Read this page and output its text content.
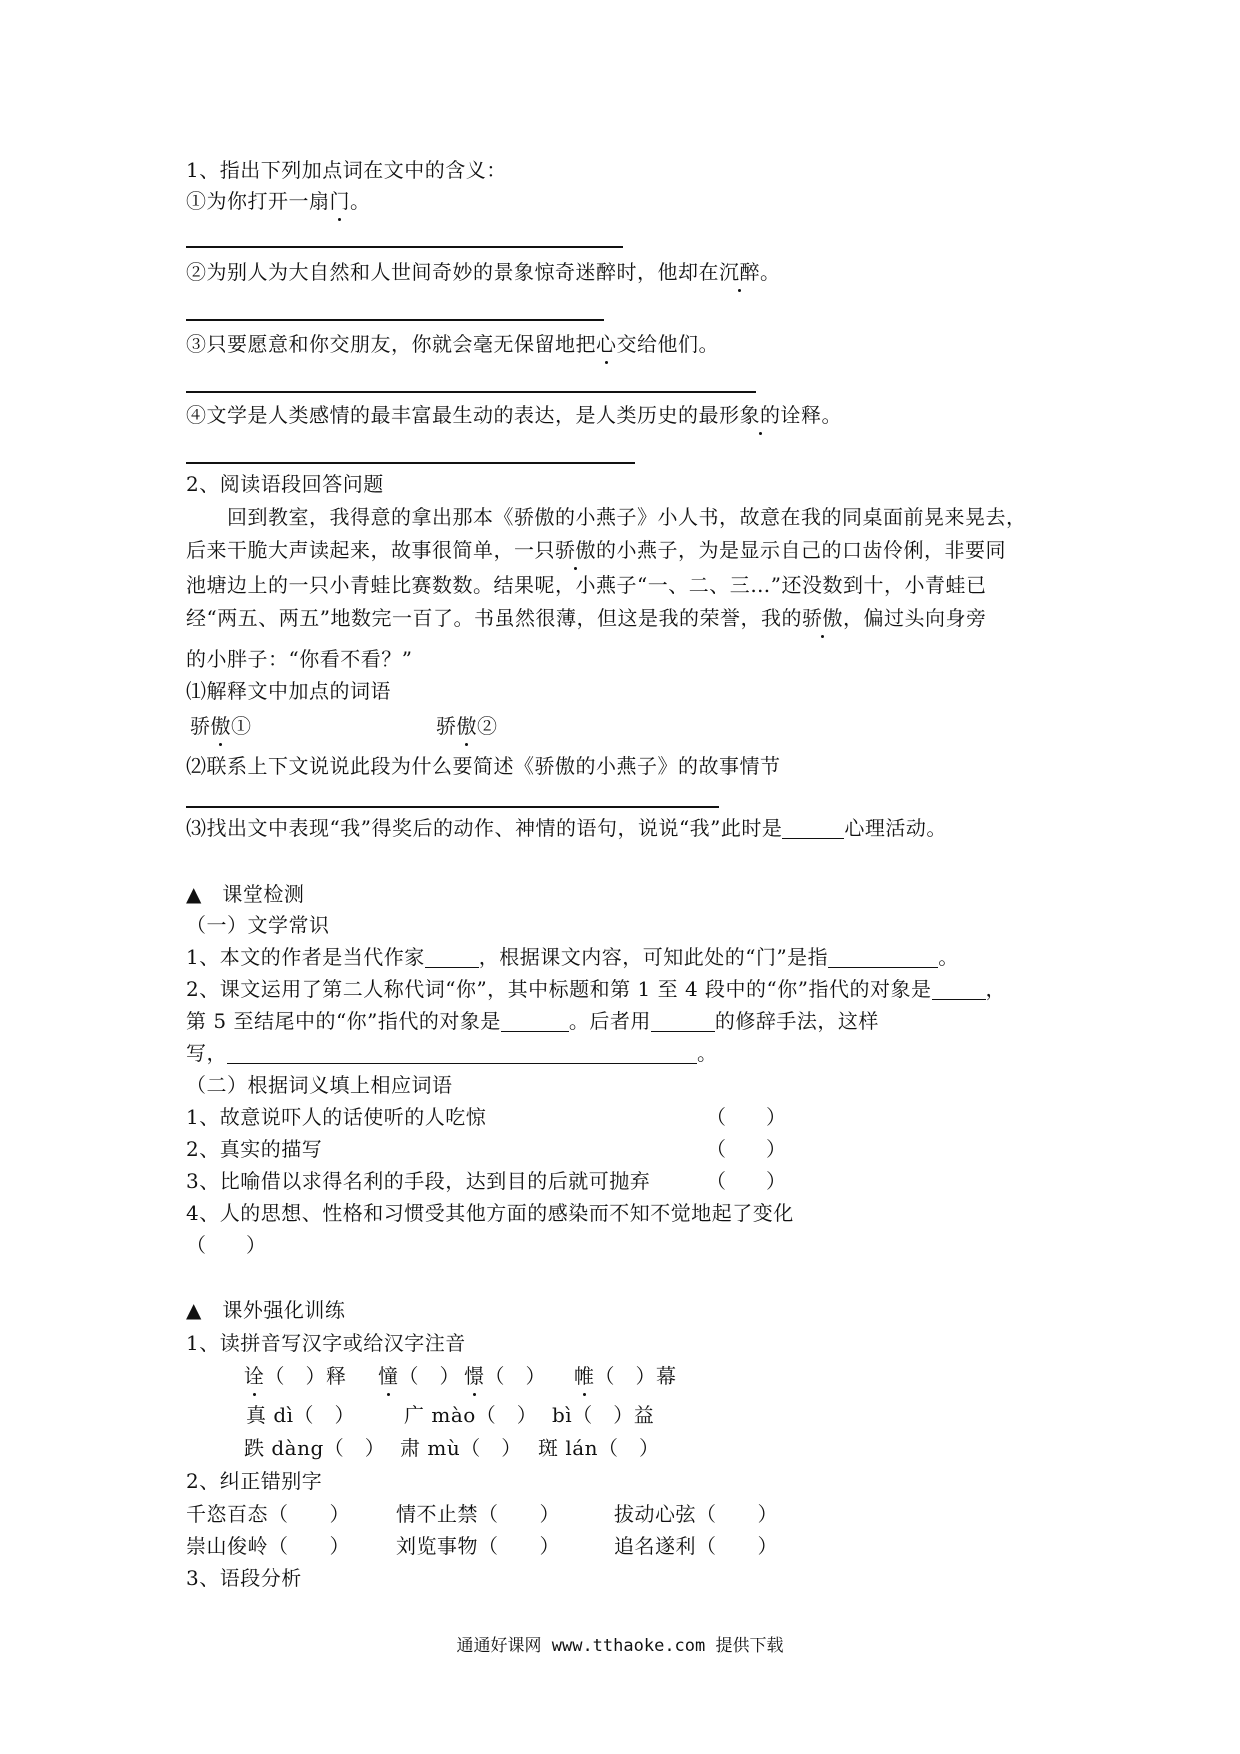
1、指出下列加点词在文中的含义：
①为你打开一扇门。
②为别人为大自然和人世间奇妙的景象惊奇迷醉时，他却在沉醉。
③只要愿意和你交朋友，你就会毫无保留地把心交给他们。
④文学是人类感情的最丰富最生动的表达，是人类历史的最形象的诠释。
2、阅读语段回答问题
　　回到教室，我得意的拿出那本《骄傲的小燕子》小人书，故意在我的同桌面前晃来晃去，
后来干脆大声读起来，故事很简单，一只骄傲的小燕子，为是显示自己的口齿伶俐，非要同
池塘边上的一只小青蛙比赛数数。结果呢，小燕子“一、二、三…”还没数到十，小青蛙已
经“两五、两五”地数完一百了。书虽然很薄，但这是我的荣誉，我的骄傲，偏过头向身旁
的小胖子：“你看不看？”
⑴解释文中加点的词语
骄傲①	骄傲②
⑵联系上下文说说此段为什么要简述《骄傲的小燕子》的故事情节
⑶找出文中表现“我”得奖后的动作、神情的语句，说说“我”此时是	心理活动。
▲　课堂检测
（一）文学常识
1、本文的作者是当代作家	，根据课文内容，可知此处的“门”是指	。
2、课文运用了第二人称代词“你”，其中标题和第 1 至 4 段中的“你”指代的对象是	，
第 5 至结尾中的“你”指代的对象是	。后者用	的修辞手法，这样
写，	。
（二）根据词义填上相应词语
1、故意说吓人的话使听的人吃惊	（　　）
2、真实的描写	（　　）
3、比喻借以求得名利的手段，达到目的后就可抛弃	（　　）
4、人的思想、性格和习惯受其他方面的感染而不知不觉地起了变化
（　　）
▲　课外强化训练
1、读拼音写汉字或给汉字注音
诠（　）释 憧（　） 憬（　） 帷（　）幕
真 dì（　） 广 mào（　） bì（　）益
跌 dàng（　） 肃 mù（　） 斑 lán（　）
2、纠正错别字
千恣百态（　　） 情不止禁（　　）	拔动心弦（　　）
崇山俊岭（　　） 刘览事物（　　）	追名遂利（　　）
3、语段分析
通通好课网 www.tthaoke.com 提供下载
